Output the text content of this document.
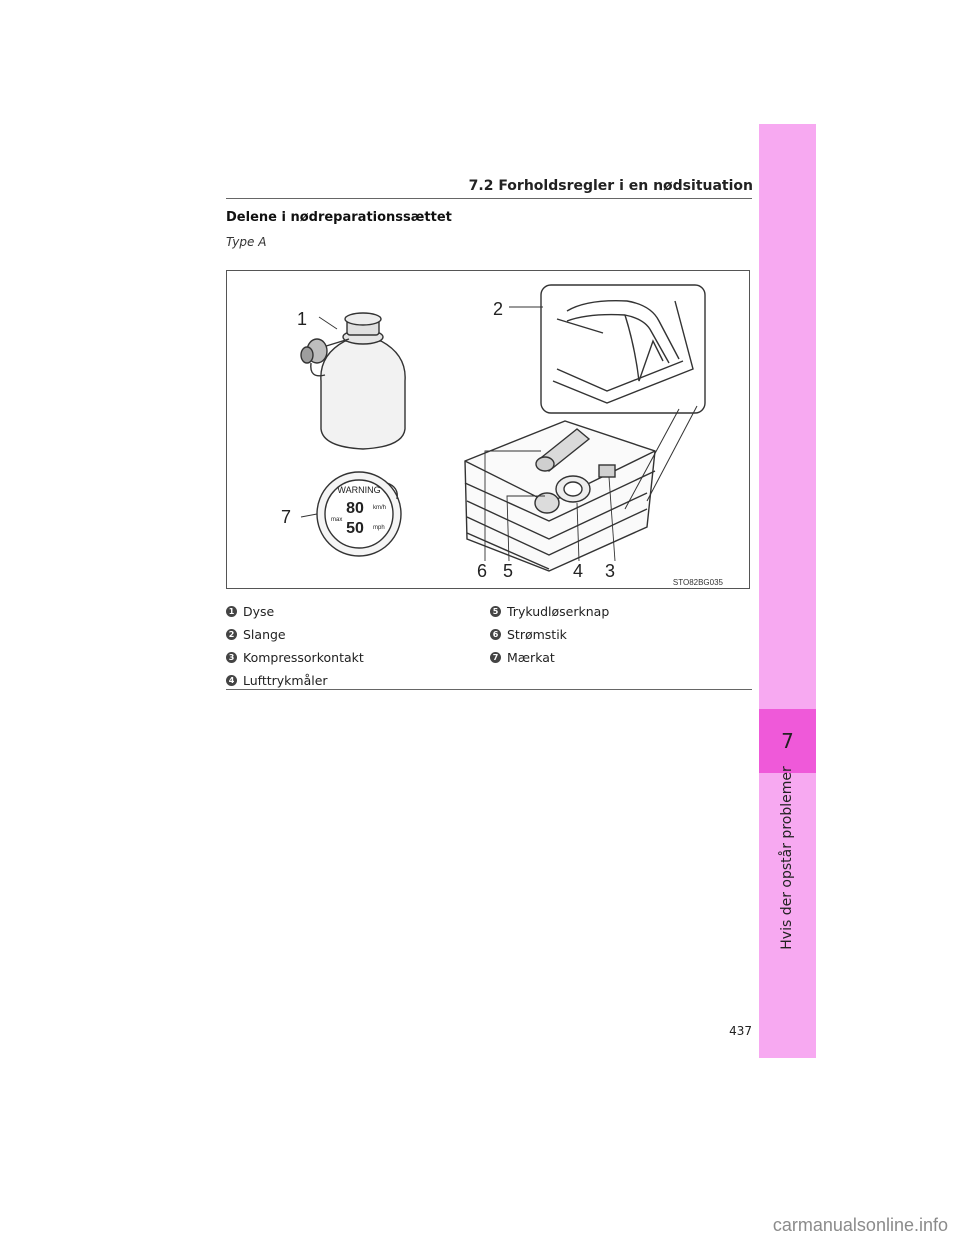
7
Hvis der opstår problemer
7.2 Forholdsregler i en nødsituation
Delene i nødreparationssættet
Type A
1	2
3
4
5
6
7
WARNING
80 km/h
50 mph
max
STO82BG035
1 Dyse
2 Slange
3 Kompressorkontakt
4 Lufttrykmåler
5 Trykudløserknap
6 Strømstik
7 Mærkat
437
carmanualsonline.info
